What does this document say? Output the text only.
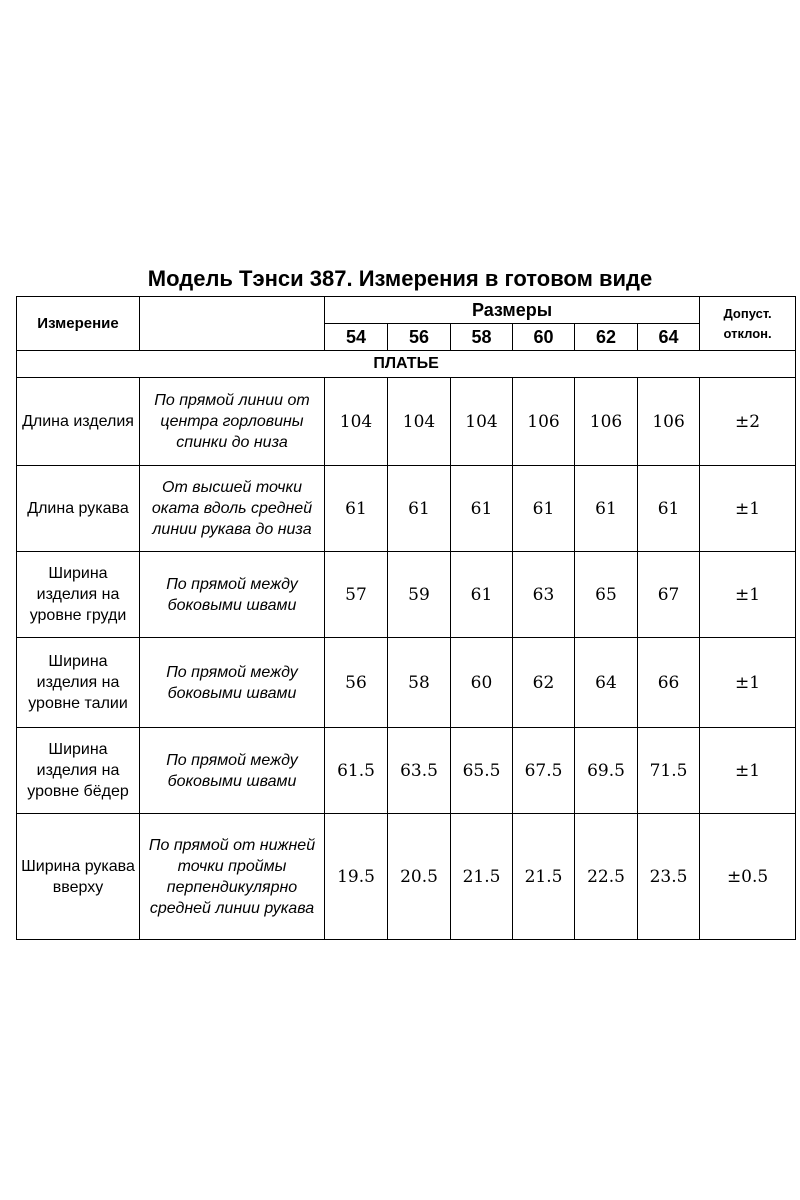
Модель Тэнси 387. Измерения в готовом виде
Измерение		Размеры						Допуст.
отклон.

		54	56	58	60	62	64	
ПЛАТЬЕ								
Длина изделия	По прямой линии от центра горловины спинки до низа	104	104	104	106	106	106	±2
Длина рукава	От высшей точки оката вдоль средней линии рукава до низа	61	61	61	61	61	61	±1
Ширина изделия на уровне груди	По прямой между боковыми швами	57	59	61	63	65	67	±1
Ширина изделия на уровне талии	По прямой между боковыми швами	56	58	60	62	64	66	±1
Ширина изделия на уровне бёдер	По прямой между боковыми швами	61.5	63.5	65.5	67.5	69.5	71.5	±1
Ширина рукава вверху	По прямой от нижней точки проймы перпендикулярно средней линии рукава	19.5	20.5	21.5	21.5	22.5	23.5	±0.5
